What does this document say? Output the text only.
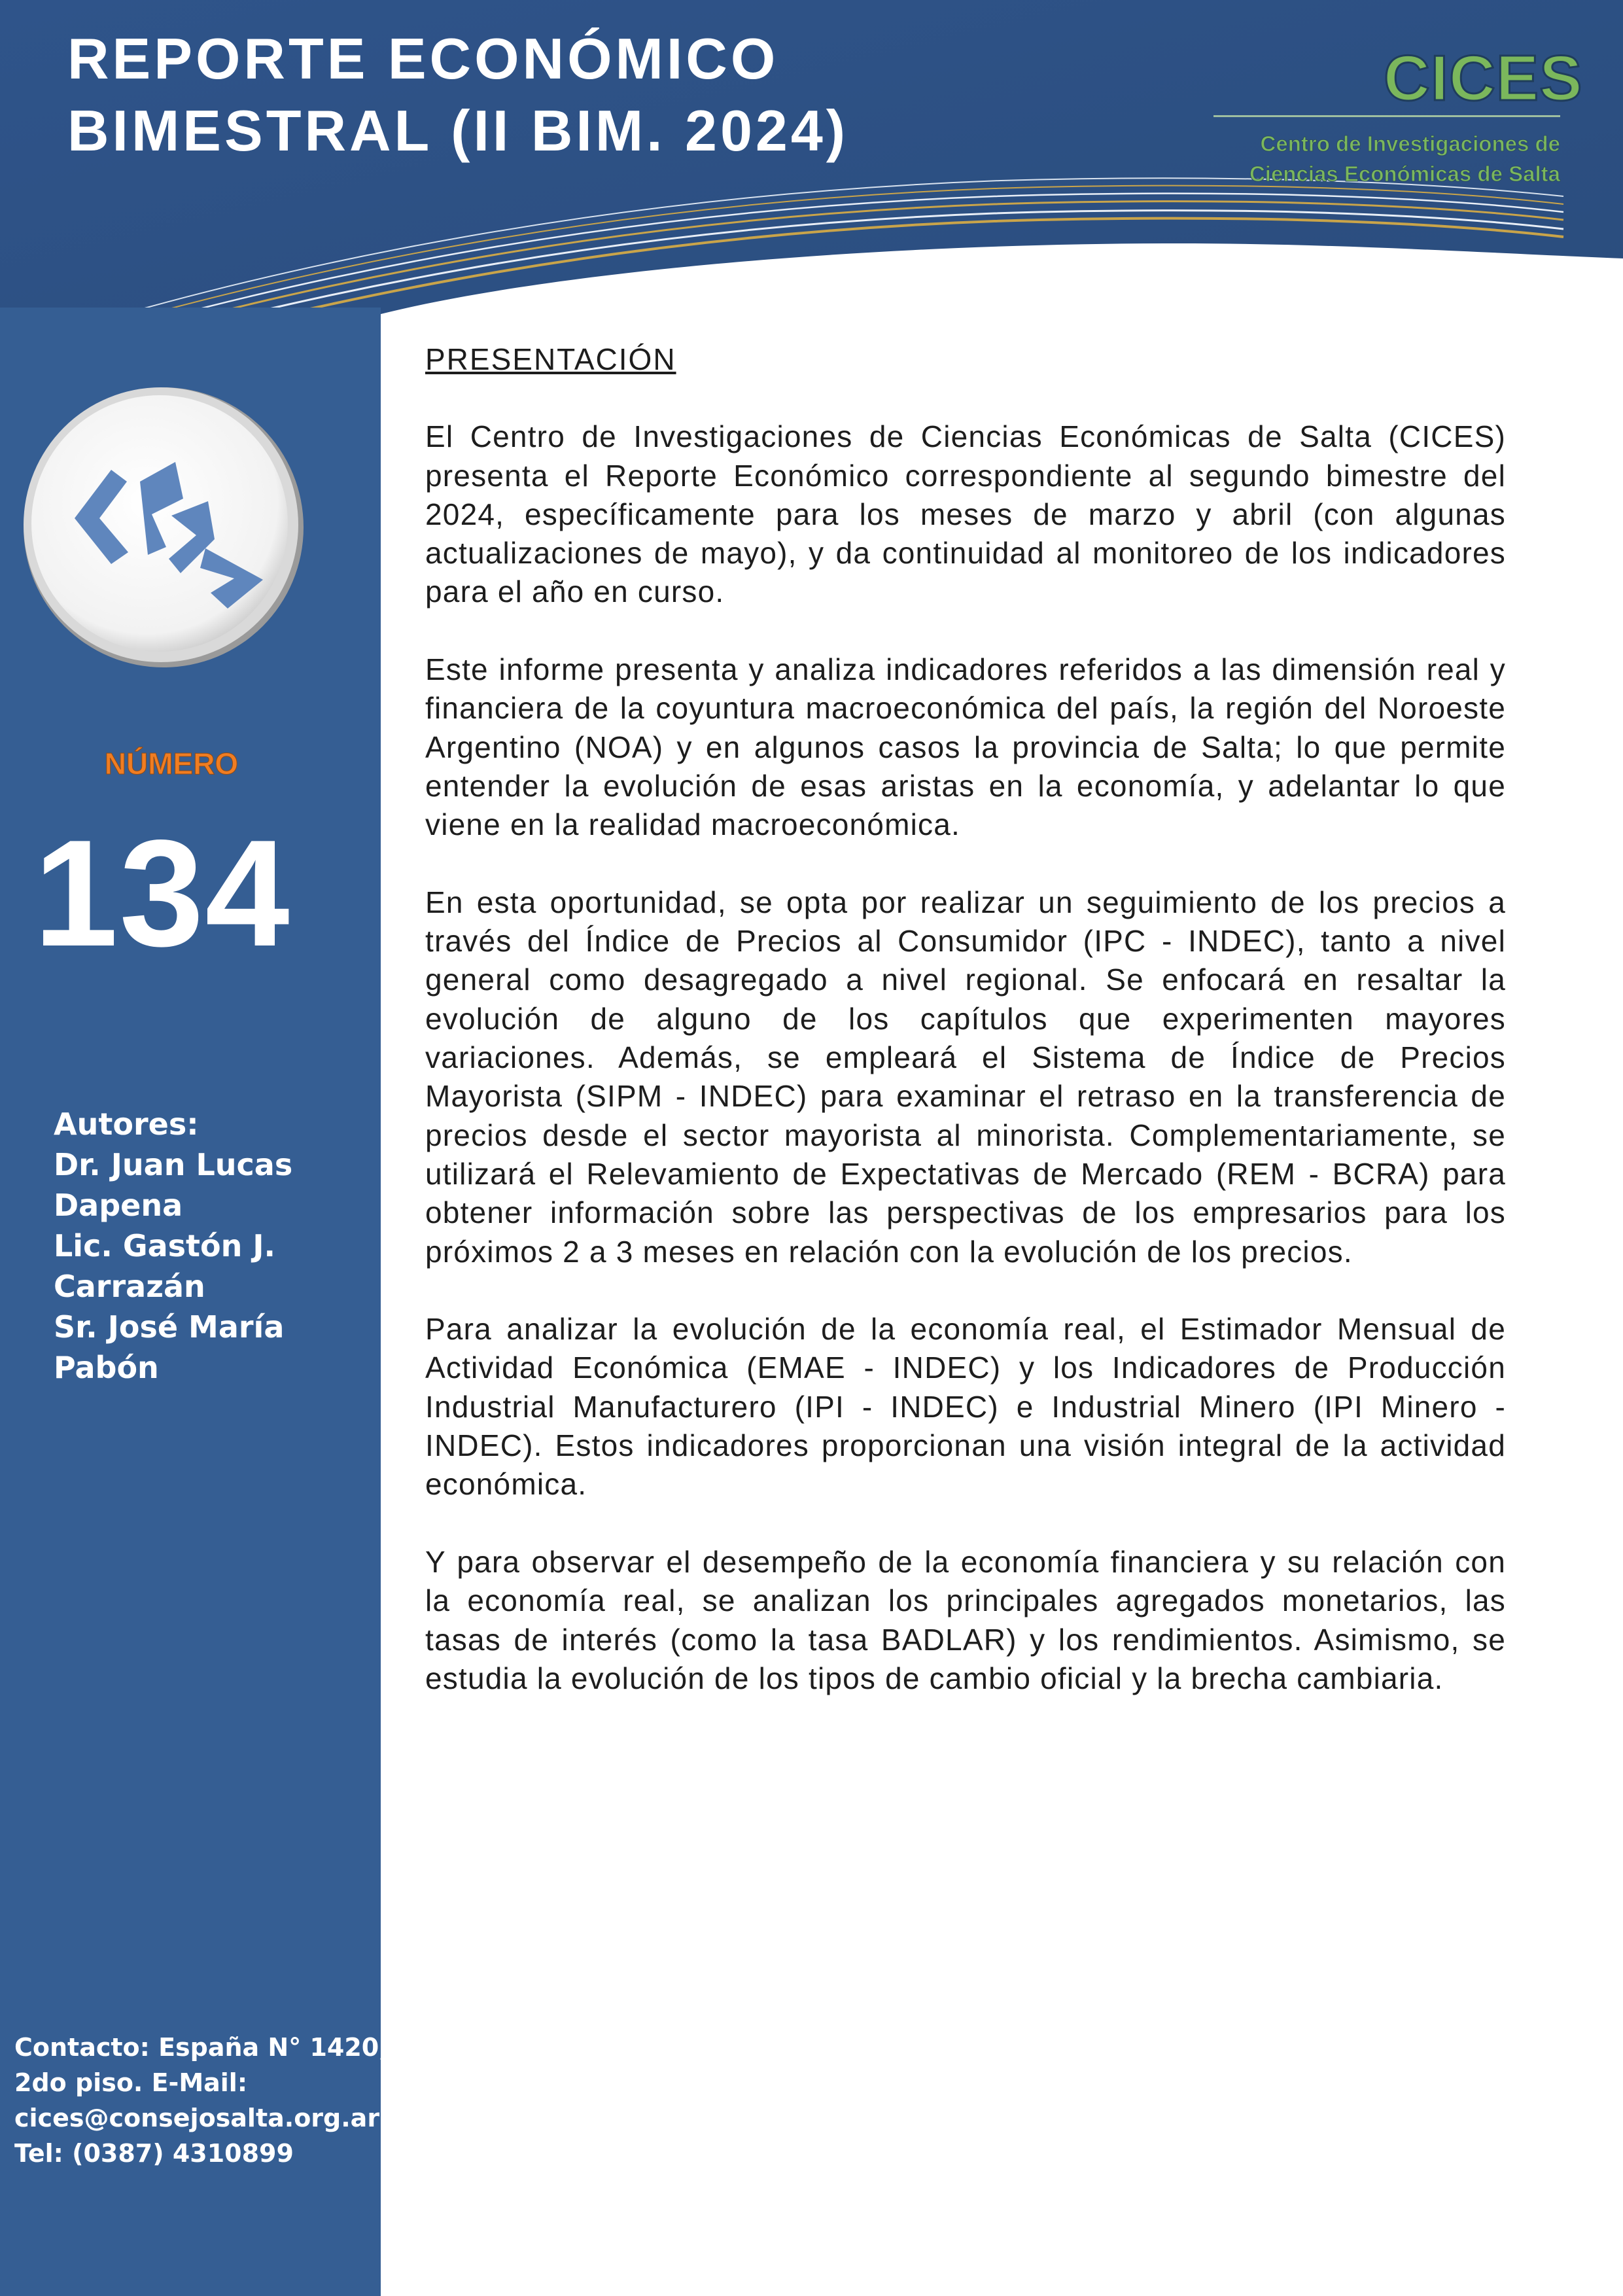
REPORTE ECONÓMICO
BIMESTRAL (II BIM. 2024)
CICES
Centro de Investigaciones de
Ciencias Económicas de Salta
NÚMERO
134
Autores:
Dr. Juan Lucas
Dapena
Lic. Gastón J.
Carrazán
Sr. José María
Pabón
Contacto: España N° 1420,
2do piso. E-Mail:
cices@consejosalta.org.ar
Tel: (0387) 4310899
PRESENTACIÓN

El Centro de Investigaciones de Ciencias Económicas de Salta (CICES) presenta el Reporte Económico correspondiente al segundo bimestre del 2024, específicamente para los meses de marzo y abril (con algunas actualizaciones de mayo), y da continuidad al monitoreo de los indicadores para el año en curso.

Este informe presenta y analiza indicadores referidos a las dimensión real y financiera de la coyuntura macroeconómica del país, la región del Noroeste Argentino (NOA) y en algunos casos la provincia de Salta; lo que permite entender la evolución de esas aristas en la economía, y adelantar lo que viene en la realidad macroeconómica.

En esta oportunidad, se opta por realizar un seguimiento de los precios a través del Índice de Precios al Consumidor (IPC - INDEC), tanto a nivel general como desagregado a nivel regional. Se enfocará en resaltar la evolución de alguno de los capítulos que experimenten mayores variaciones. Además, se empleará el Sistema de Índice de Precios Mayorista (SIPM - INDEC) para examinar el retraso en la transferencia de precios desde el sector mayorista al minorista. Complementariamente, se utilizará el Relevamiento de Expectativas de Mercado (REM - BCRA) para obtener información sobre las perspectivas de los empresarios para los próximos 2 a 3 meses en relación con la evolución de los precios.

Para analizar la evolución de la economía real, el Estimador Mensual de Actividad Económica (EMAE - INDEC) y los Indicadores de Producción Industrial Manufacturero (IPI - INDEC) e Industrial Minero (IPI Minero - INDEC). Estos indicadores proporcionan una visión integral de la actividad económica.

Y para observar el desempeño de la economía financiera y su relación con la economía real, se analizan los principales agregados monetarios, las tasas de interés (como la tasa BADLAR) y los rendimientos. Asimismo, se estudia la evolución de los tipos de cambio oficial y la brecha cambiaria.
